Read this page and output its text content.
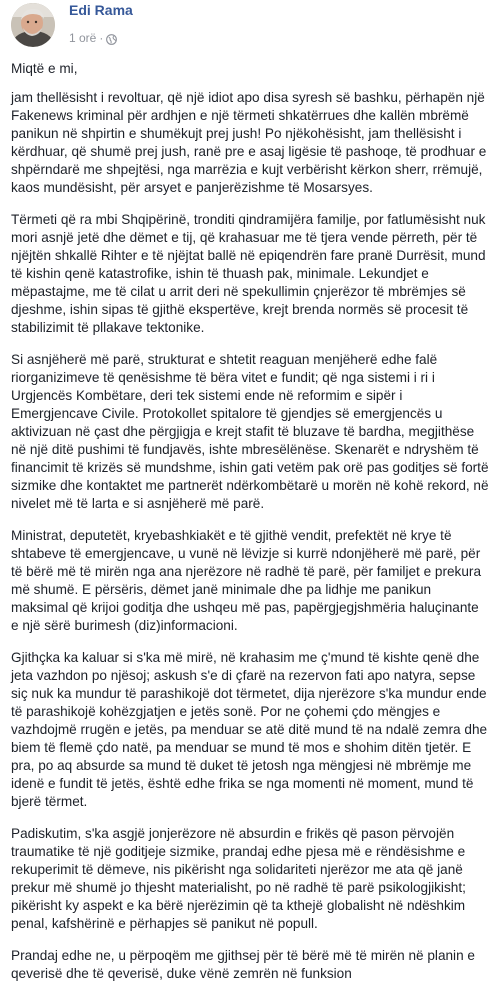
Edi Rama
1 orë ·

Miqtë e mi,

jam thellësisht i revoltuar, që një idiot apo disa syresh së bashku, përhapën një Fakenews kriminal për ardhjen e një tërmeti shkatërrues dhe kallën mbrëmë panikun në shpirtin e shumëkujt prej jush! Po njëkohësisht, jam thellësisht i kërdhuar, që shumë prej jush, ranë pre e asaj ligësie të pashoqe, të prodhuar e shpërndarë me shpejtësi, nga marrëzia e kujt verbërisht kërkon sherr, rrëmujë, kaos mundësisht, për arsyet e panjerëzishme të Mosarsyes.

Tërmeti që ra mbi Shqipërinë, tronditi qindramijëra familje, por fatlumësisht nuk mori asnjë jetë dhe dëmet e tij, që krahasuar me të tjera vende përreth, për të njëjtën shkallë Rihter e të njëjtat ballë në epiqendrën fare pranë Durrësit, mund të kishin qenë katastrofike, ishin të thuash pak, minimale. Lekundjet e mëpastajme, me të cilat u arrit deri në spekullimin çnjerëzor të mbrëmjes së djeshme, ishin sipas të gjithë ekspertëve, krejt brenda normës së procesit të stabilizimit të pllakave tektonike.

Si asnjëherë më parë, strukturat e shtetit reaguan menjëherë edhe falë riorganizimeve të qenësishme të bëra vitet e fundit; që nga sistemi i ri i Urgjencës Kombëtare, deri tek sistemi ende në reformim e sipër i Emergjencave Civile. Protokollet spitalore të gjendjes së emergjencës u aktivizuan në çast dhe përgjigja e krejt stafit të bluzave të bardha, megjithëse në një ditë pushimi të fundjavës, ishte mbresëlënëse. Skenarët e ndryshëm të financimit të krizës së mundshme, ishin gati vetëm pak orë pas goditjes së fortë sizmike dhe kontaktet me partnerët ndërkombëtarë u morën në kohë rekord, në nivelet më të larta e si asnjëherë më parë.

Ministrat, deputetët, kryebashkiakët e të gjithë vendit, prefektët në krye të shtabeve të emergjencave, u vunë në lëvizje si kurrë ndonjëherë më parë, për të bërë më të mirën nga ana njerëzore në radhë të parë, për familjet e prekura më shumë. E përsëris, dëmet janë minimale dhe pa lidhje me panikun maksimal që krijoi goditja dhe ushqeu më pas, papërgjegjshmëria haluçinante e një sërë burimesh (diz)informacioni.

Gjithçka ka kaluar si s'ka më mirë, në krahasim me ç'mund të kishte qenë dhe jeta vazhdon po njësoj; askush s'e di çfarë na rezervon fati apo natyra, sepse siç nuk ka mundur të parashikojë dot tërmetet, dija njerëzore s'ka mundur ende të parashikojë kohëzgjatjen e jetës sonë. Por ne çohemi çdo mëngjes e vazhdojmë rrugën e jetës, pa menduar se atë ditë mund të na ndalë zemra dhe biem të flemë çdo natë, pa menduar se mund të mos e shohim ditën tjetër. E pra, po aq absurde sa mund të duket të jetosh nga mëngjesi në mbrëmje me idenë e fundit të jetës, është edhe frika se nga momenti në moment, mund të bjerë tërmet.

Padiskutim, s'ka asgjë jonjerëzore në absurdin e frikës që pason përvojën traumatike të një goditjeje sizmike, prandaj edhe pjesa më e rëndësishme e rekuperimit të dëmeve, nis pikërisht nga solidariteti njerëzor me ata që janë prekur më shumë jo thjesht materialisht, po në radhë të parë psikologjikisht; pikërisht ky aspekt e ka bërë njerëzimin që ta kthejë globalisht në ndëshkim penal, kafshërinë e përhapjes së panikut në popull.

Prandaj edhe ne, u përpoqëm me gjithsej për të bërë më të mirën në planin e qeverisë dhe të qeverisë, duke vënë zemrën në funksion
